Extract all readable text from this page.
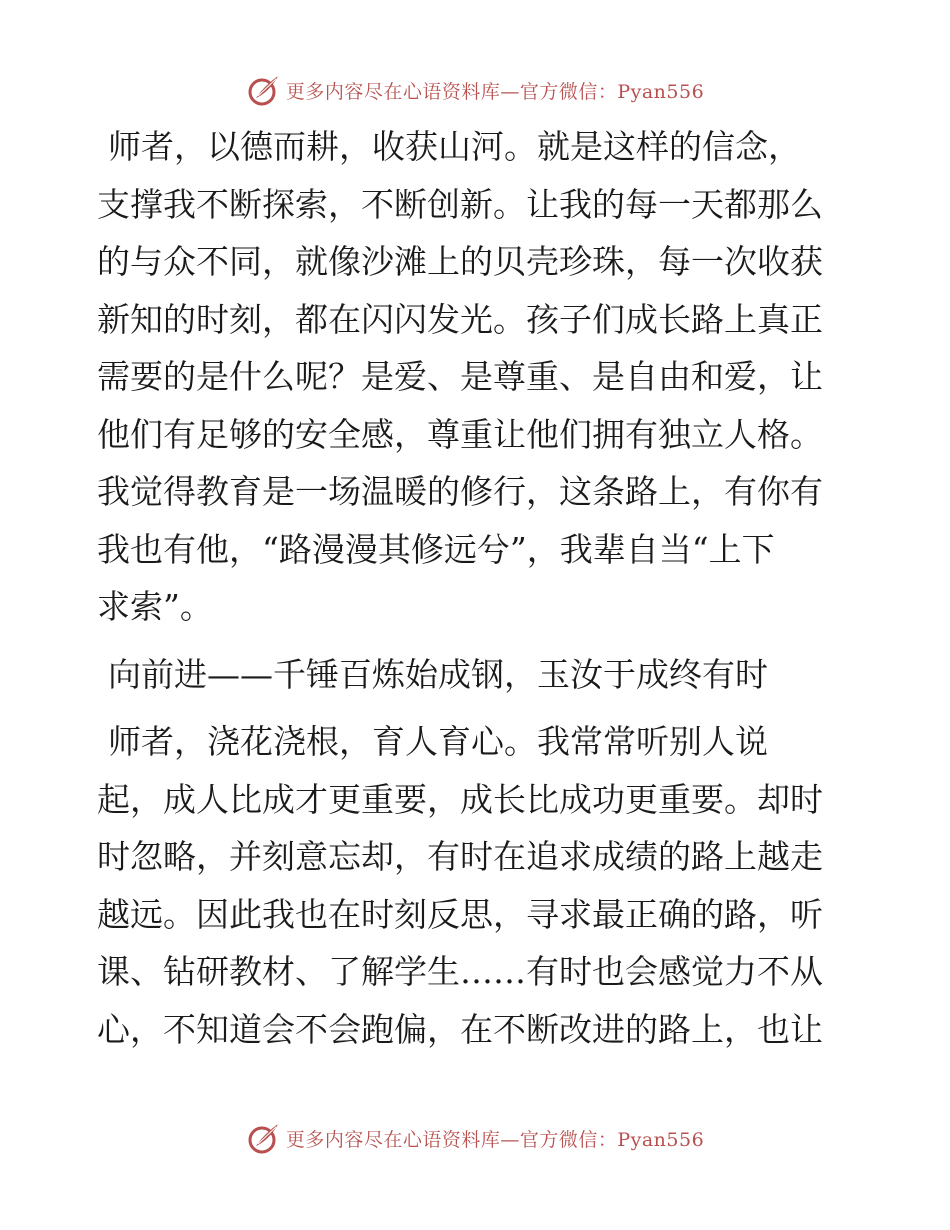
更多内容尽在心语资料库—官方微信：Pyan556
师者，以德而耕，收获山河。就是这样的信念，
支撑我不断探索，不断创新。让我的每一天都那么
的与众不同，就像沙滩上的贝壳珍珠，每一次收获
新知的时刻，都在闪闪发光。孩子们成长路上真正
需要的是什么呢？是爱、是尊重、是自由和爱，让
他们有足够的安全感，尊重让他们拥有独立人格。
我觉得教育是一场温暖的修行，这条路上，有你有
我也有他，“路漫漫其修远兮”，我辈自当“上下
求索”。
向前进——千锤百炼始成钢，玉汝于成终有时
师者，浇花浇根，育人育心。我常常听别人说
起，成人比成才更重要，成长比成功更重要。却时
时忽略，并刻意忘却，有时在追求成绩的路上越走
越远。因此我也在时刻反思，寻求最正确的路，听
课、钻研教材、了解学生……有时也会感觉力不从
心，不知道会不会跑偏，在不断改进的路上，也让
更多内容尽在心语资料库—官方微信：Pyan556
